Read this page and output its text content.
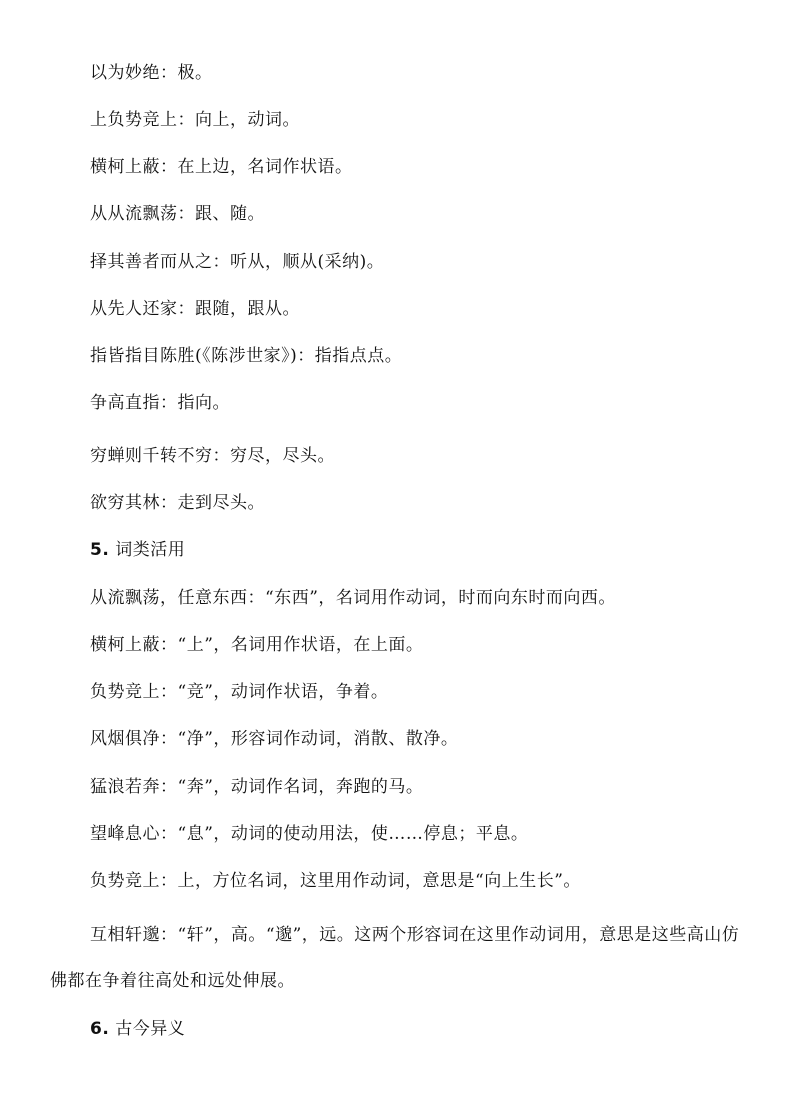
以为妙绝：极。
上负势竞上：向上，动词。
横柯上蔽：在上边，名词作状语。
从从流飘荡：跟、随。
择其善者而从之：听从，顺从(采纳)。
从先人还家：跟随，跟从。
指皆指目陈胜(《陈涉世家》)：指指点点。
争高直指：指向。
穷蝉则千转不穷：穷尽，尽头。
欲穷其林：走到尽头。
5. 词类活用
从流飘荡，任意东西：“东西”，名词用作动词，时而向东时而向西。
横柯上蔽：“上”，名词用作状语，在上面。
负势竞上：“竞”，动词作状语，争着。
风烟俱净：“净”，形容词作动词，消散、散净。
猛浪若奔：“奔”，动词作名词，奔跑的马。
望峰息心：“息”，动词的使动用法，使……停息；平息。
负势竞上：上，方位名词，这里用作动词，意思是“向上生长”。
互相轩邈：“轩”，高。“邈”，远。这两个形容词在这里作动词用，意思是这些高山仿佛都在争着往高处和远处伸展。
6. 古今异义
